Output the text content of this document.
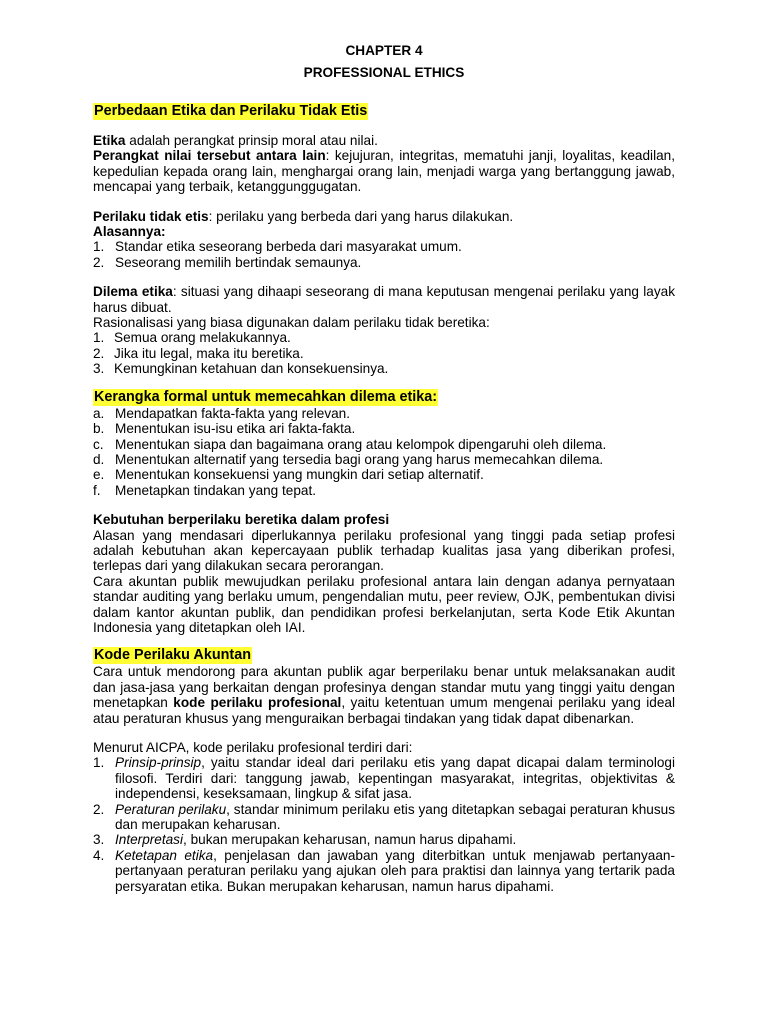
CHAPTER 4
PROFESSIONAL ETHICS
Perbedaan Etika dan Perilaku Tidak Etis

Etika adalah perangkat prinsip moral atau nilai.

Perangkat nilai tersebut antara lain: kejujuran, integritas, mematuhi janji, loyalitas, keadilan, kepedulian kepada orang lain, menghargai orang lain, menjadi warga yang bertanggung jawab, mencapai yang terbaik, ketanggunggugatan.

Perilaku tidak etis: perilaku yang berbeda dari yang harus dilakukan.

Alasannya:

1. Standar etika seseorang berbeda dari masyarakat umum.
2. Seseorang memilih bertindak semaunya.

Dilema etika: situasi yang dihaapi seseorang di mana keputusan mengenai perilaku yang layak harus dibuat.

Rasionalisasi yang biasa digunakan dalam perilaku tidak beretika:

1. Semua orang melakukannya.
2. Jika itu legal, maka itu beretika.
3. Kemungkinan ketahuan dan konsekuensinya.
Kerangka formal untuk memecahkan dilema etika:
a. Mendapatkan fakta-fakta yang relevan.
b. Menentukan isu-isu etika ari fakta-fakta.
c. Menentukan siapa dan bagaimana orang atau kelompok dipengaruhi oleh dilema.
d. Menentukan alternatif yang tersedia bagi orang yang harus memecahkan dilema.
e. Menentukan konsekuensi yang mungkin dari setiap alternatif.
f. Menetapkan tindakan yang tepat.

Kebutuhan berperilaku beretika dalam profesi

Alasan yang mendasari diperlukannya perilaku profesional yang tinggi pada setiap profesi adalah kebutuhan akan kepercayaan publik terhadap kualitas jasa yang diberikan profesi, terlepas dari yang dilakukan secara perorangan.

Cara akuntan publik mewujudkan perilaku profesional antara lain dengan adanya pernyataan standar auditing yang berlaku umum, pengendalian mutu, peer review, OJK, pembentukan divisi dalam kantor akuntan publik, dan pendidikan profesi berkelanjutan, serta Kode Etik Akuntan Indonesia yang ditetapkan oleh IAI.

Kode Perilaku Akuntan

Cara untuk mendorong para akuntan publik agar berperilaku benar untuk melaksanakan audit dan jasa-jasa yang berkaitan dengan profesinya dengan standar mutu yang tinggi yaitu dengan menetapkan kode perilaku profesional, yaitu ketentuan umum mengenai perilaku yang ideal atau peraturan khusus yang menguraikan berbagai tindakan yang tidak dapat dibenarkan.

Menurut AICPA, kode perilaku profesional terdiri dari:

1. Prinsip-prinsip, yaitu standar ideal dari perilaku etis yang dapat dicapai dalam terminologi filosofi. Terdiri dari: tanggung jawab, kepentingan masyarakat, integritas, objektivitas & independensi, keseksamaan, lingkup & sifat jasa.
2. Peraturan perilaku, standar minimum perilaku etis yang ditetapkan sebagai peraturan khusus dan merupakan keharusan.
3. Interpretasi, bukan merupakan keharusan, namun harus dipahami.
4. Ketetapan etika, penjelasan dan jawaban yang diterbitkan untuk menjawab pertanyaan-pertanyaan peraturan perilaku yang ajukan oleh para praktisi dan lainnya yang tertarik pada persyaratan etika. Bukan merupakan keharusan, namun harus dipahami.
